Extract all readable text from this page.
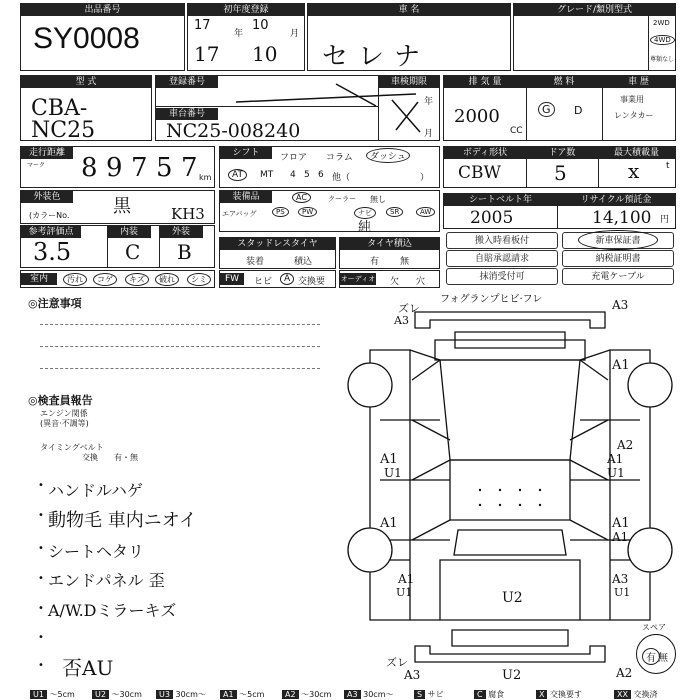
出品番号
SY0008
初年度登録
17
年
10
月
17 10
車 名
セレナ
グレード/類別型式
2WD
4WD
尊類なし
型 式
CBA-NC25
登録番号
車台番号
NC25-008240
車検期限
年
月
排 気 量
2000
CC
燃 料
G	D
車 歴
事業用
レンタカー
走行距離
マーク 8 9 7 5 7 km
シフト	フロア コラム	ダッシュ
AT	MT 4 5 6 他（	）
ボディ形状
CBW
ドア数
5
最大積載量
x	t
外装色	黒
(カラーNo.	KH3
装備品	AC	クーラー 無し
エアバッグ	PS	PW	ナビ	SR	AW
純
シートベルト年
2005
リサイクル預託金
14,100 円
参考評価点
3.5
内装
C
外装
B	スタッドレスタイヤ
装着	積込
タイヤ積込
有 無
搬入時看板付	新車保証書
自賠承認請求	納税証明書
抹消受付可	充電ケーブル
室内	汚れ	コゲ	キズ	破れ	シミ	FW	ヒビ	A 交換要 オーディオ 欠 穴
◎注意事項
◎検査員報告
エンジン関係
(異音·不調等)
タイミングベルト
交換 有・無
• ハンドルハゲ
• 動物毛 車内ニオイ
• シートヘタリ
• エンドパネル 歪
• A/W.Dミラーキズ
•
• 否AU
フォグランプヒビ·フレ
ズレ
A3
A3
A1
A1
U1
A1
A1
A2
U1
A1
A1
A1
U1
A3
U1
U2
ズレ
A3	U2	A2
スペア
有 無
U1 ～5cm	U2 ～30cm	U3 30cm～	A1 ～5cm	A2 ～30cm	A3 30cm～	S サビ	C 腐食	X 交換要す	XX 交換済
